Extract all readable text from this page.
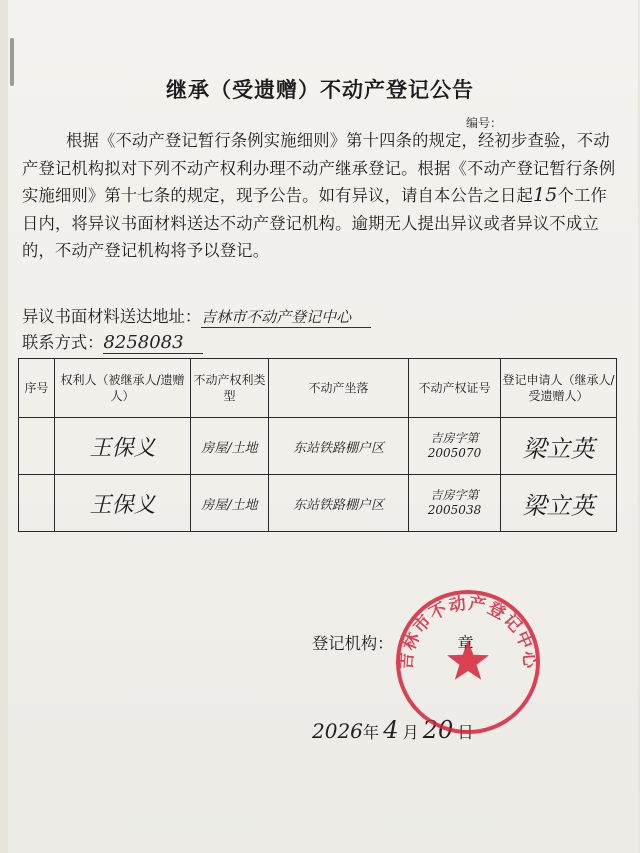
继承（受遗赠）不动产登记公告
编号：

根据《不动产登记暂行条例实施细则》第十四条的规定，经初步查验，不动产登记机构拟对下列不动产权利办理不动产继承登记。根据《不动产登记暂行条例实施细则》第十七条的规定，现予公告。如有异议，请自本公告之日起15个工作日内，将异议书面材料送达不动产登记机构。逾期无人提出异议或者异议不成立的，不动产登记机构将予以登记。

异议书面材料送达地址：吉林市不动产登记中心
联系方式：8258083
序号	权利人（被继承人/遗赠人）	不动产权利类型	不动产坐落	不动产权证号	登记申请人（继承人/受遗赠人）
	王保义	房屋/土地	东站铁路棚户区	吉房字第2005070	梁立英
	王保义	房屋/土地	东站铁路棚户区	吉房字第2005038	梁立英
登记机构：	章
2026年 4 月 20 日
吉林市不动产登记中心
